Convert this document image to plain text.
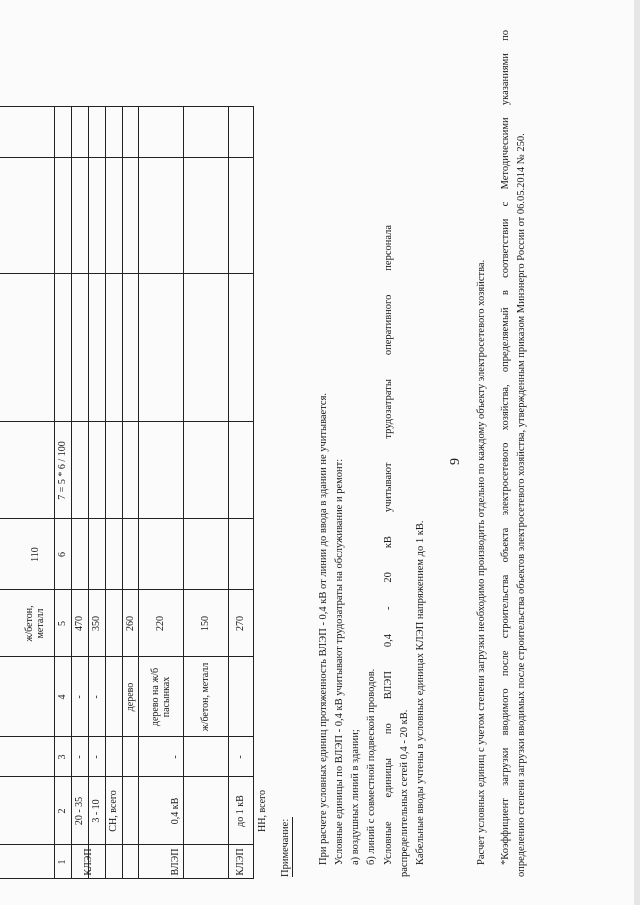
ж/бетон, металл
110
1
2
3
4
5
6
7 = 5 * 6 / 100
КЛЭП
20 - 35
-
-
470
3 - 10
-
-
350
СН, всего
ВЛЭП
0,4 кВ
-
дерево
260
дерево на ж/б пасынках
220
ж/бетон, металл
150
КЛЭП
до 1 кВ
-
270
НН, всего
Примечание:	При расчете условных единиц протяженность ВЛЭП - 0,4 кВ от линии до ввода в здании не учитывается. Условные единицы по ВЛЭП - 0,4 кВ учитывают трудозатраты на обслуживание и ремонт: а) воздушных линий в здании; б) линий с совместной подвеской проводов. Условные единицы по ВЛЭП 0,4 - 20 кВ учитывают трудозатраты оперативного персонала распределительных сетей 0,4 - 20 кВ. Кабельные вводы учтены в условных единицах КЛЭП напряжением до 1 кВ.
9 Расчет условных единиц с учетом степени загрузки необходимо производить отдельно по каждому объекту электросетевого хозяйства. *Коэффициент загрузки вводимого после строительства объекта электросетевого хозяйства, определяемый в соответствии с Методическими указаниями по определению степени загрузки вводимых после строительства объектов электросетевого хозяйства, утвержденным приказом Минэнерго России от 06.05.2014 № 250.
